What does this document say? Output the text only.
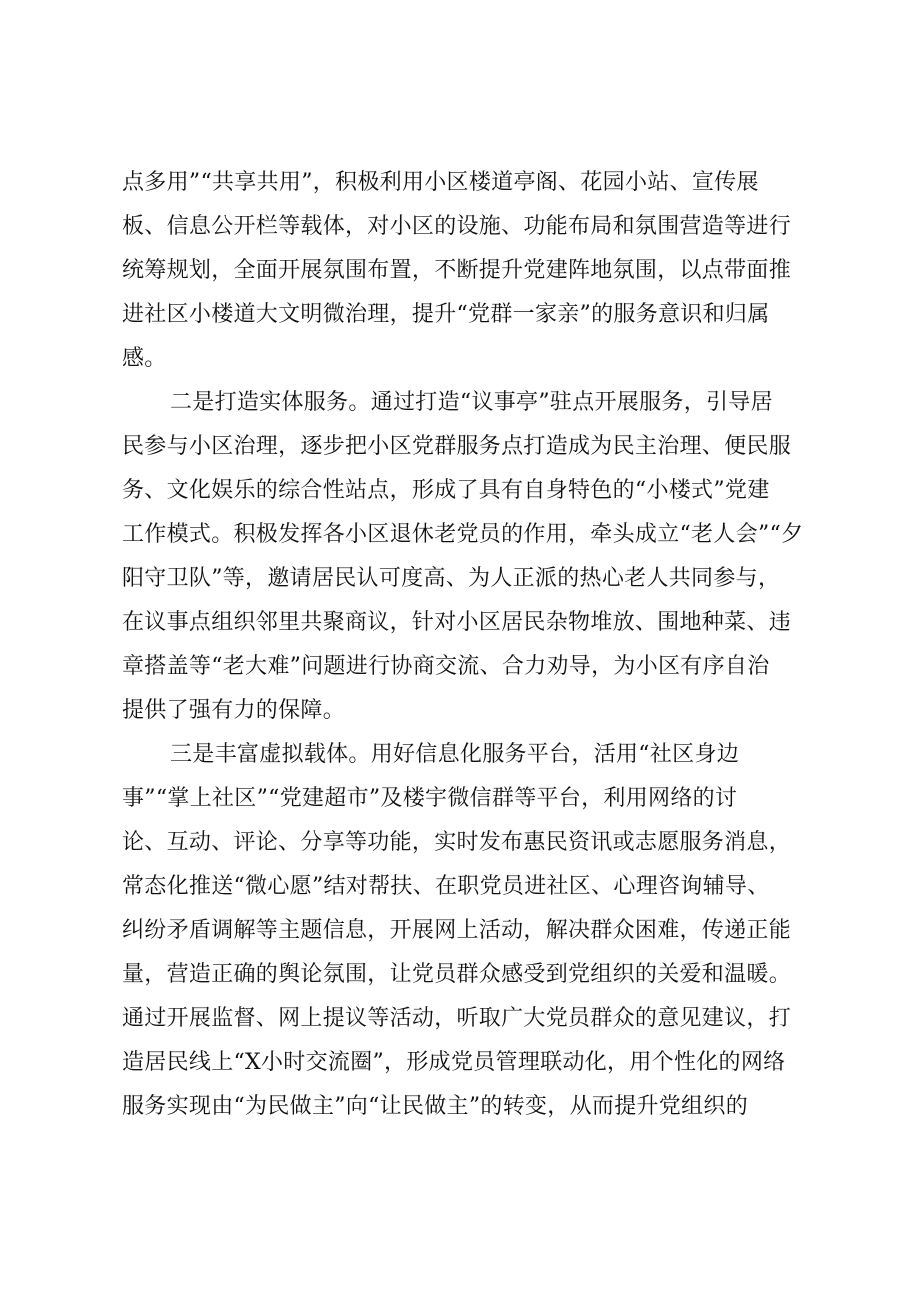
点多用”“共享共用”，积极利用小区楼道亭阁、花园小站、宣传展
板、信息公开栏等载体，对小区的设施、功能布局和氛围营造等进行
统筹规划，全面开展氛围布置，不断提升党建阵地氛围，以点带面推
进社区小楼道大文明微治理，提升“党群一家亲”的服务意识和归属
感。
二是打造实体服务。通过打造“议事亭”驻点开展服务，引导居
民参与小区治理，逐步把小区党群服务点打造成为民主治理、便民服
务、文化娱乐的综合性站点，形成了具有自身特色的“小楼式”党建
工作模式。积极发挥各小区退休老党员的作用，牵头成立“老人会”“夕
阳守卫队”等，邀请居民认可度高、为人正派的热心老人共同参与，
在议事点组织邻里共聚商议，针对小区居民杂物堆放、围地种菜、违
章搭盖等“老大难”问题进行协商交流、合力劝导，为小区有序自治
提供了强有力的保障。
三是丰富虚拟载体。用好信息化服务平台，活用“社区身边
事”“掌上社区”“党建超市”及楼宇微信群等平台，利用网络的讨
论、互动、评论、分享等功能，实时发布惠民资讯或志愿服务消息，
常态化推送“微心愿”结对帮扶、在职党员进社区、心理咨询辅导、
纠纷矛盾调解等主题信息，开展网上活动，解决群众困难，传递正能
量，营造正确的舆论氛围，让党员群众感受到党组织的关爱和温暖。
通过开展监督、网上提议等活动，听取广大党员群众的意见建议，打
造居民线上“X小时交流圈”，形成党员管理联动化，用个性化的网络
服务实现由“为民做主”向“让民做主”的转变，从而提升党组织的
